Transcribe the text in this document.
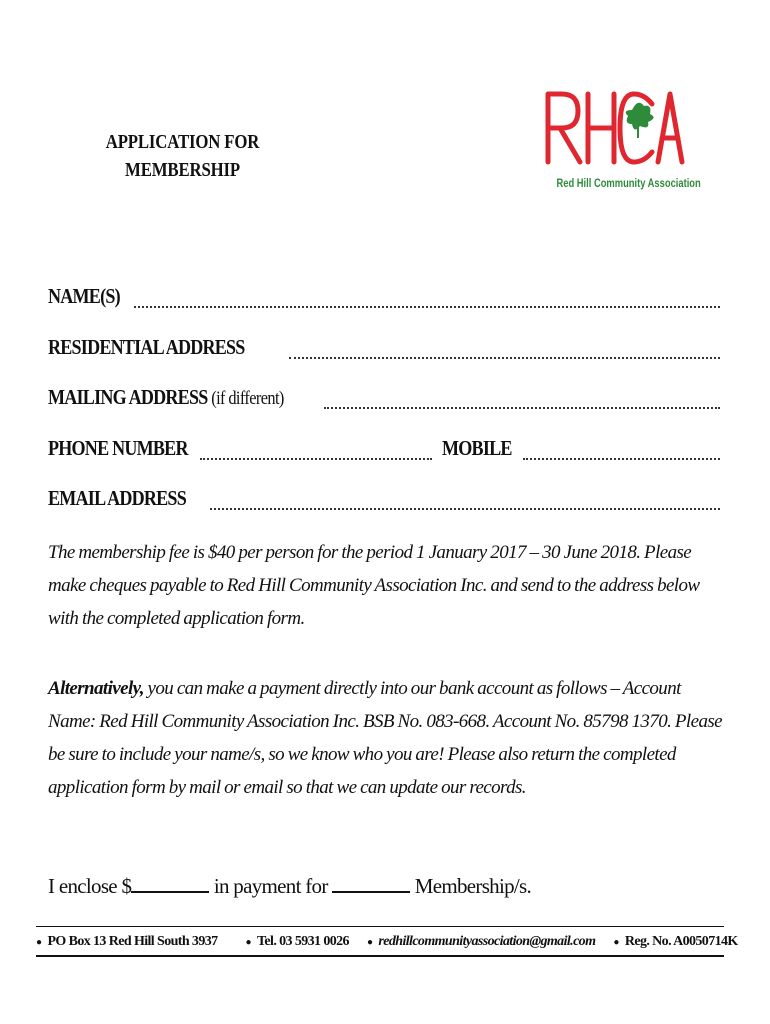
APPLICATION FOR
MEMBERSHIP
Red Hill Community Association
NAME(S)
RESIDENTIAL ADDRESS
MAILING ADDRESS (if different)
PHONE NUMBER	MOBILE
EMAIL ADDRESS
The membership fee is $40 per person for the period 1 January 2017 – 30 June 2018. Please make cheques payable to Red Hill Community Association Inc. and send to the address below with the completed application form.
Alternatively, you can make a payment directly into our bank account as follows – Account Name: Red Hill Community Association Inc. BSB No. 083-668. Account No. 85798 1370. Please be sure to include your name/s, so we know who you are! Please also return the completed application form by mail or email so that we can update our records.
I enclose $	in payment for	Membership/s.
● PO Box 13 Red Hill South 3937	● Tel. 03 5931 0026 ● redhillcommunityassociation@gmail.com ● Reg. No. A0050714K
